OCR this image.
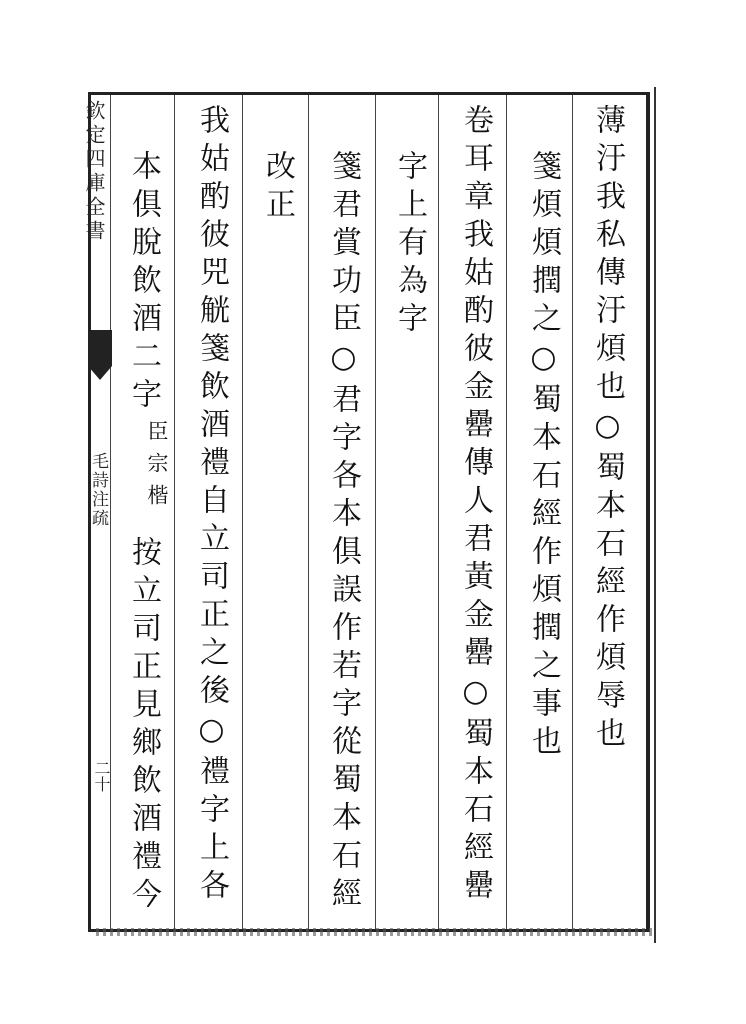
欽定四庫全書
毛詩注疏
二十
薄汙我私傳汙煩也○蜀本石經作煩辱也
箋煩煩撋之○蜀本石經作煩撋之事也
卷耳章我姑酌彼金罍傳人君黃金罍○蜀本石經罍
字上有為字
箋君賞功臣○君字各本俱誤作若字從蜀本石經
改正
我姑酌彼兕觥箋飲酒禮自立司正之後○禮字上各
本俱脫飲酒二字
臣宗楷
按立司正見鄉飲酒禮今
